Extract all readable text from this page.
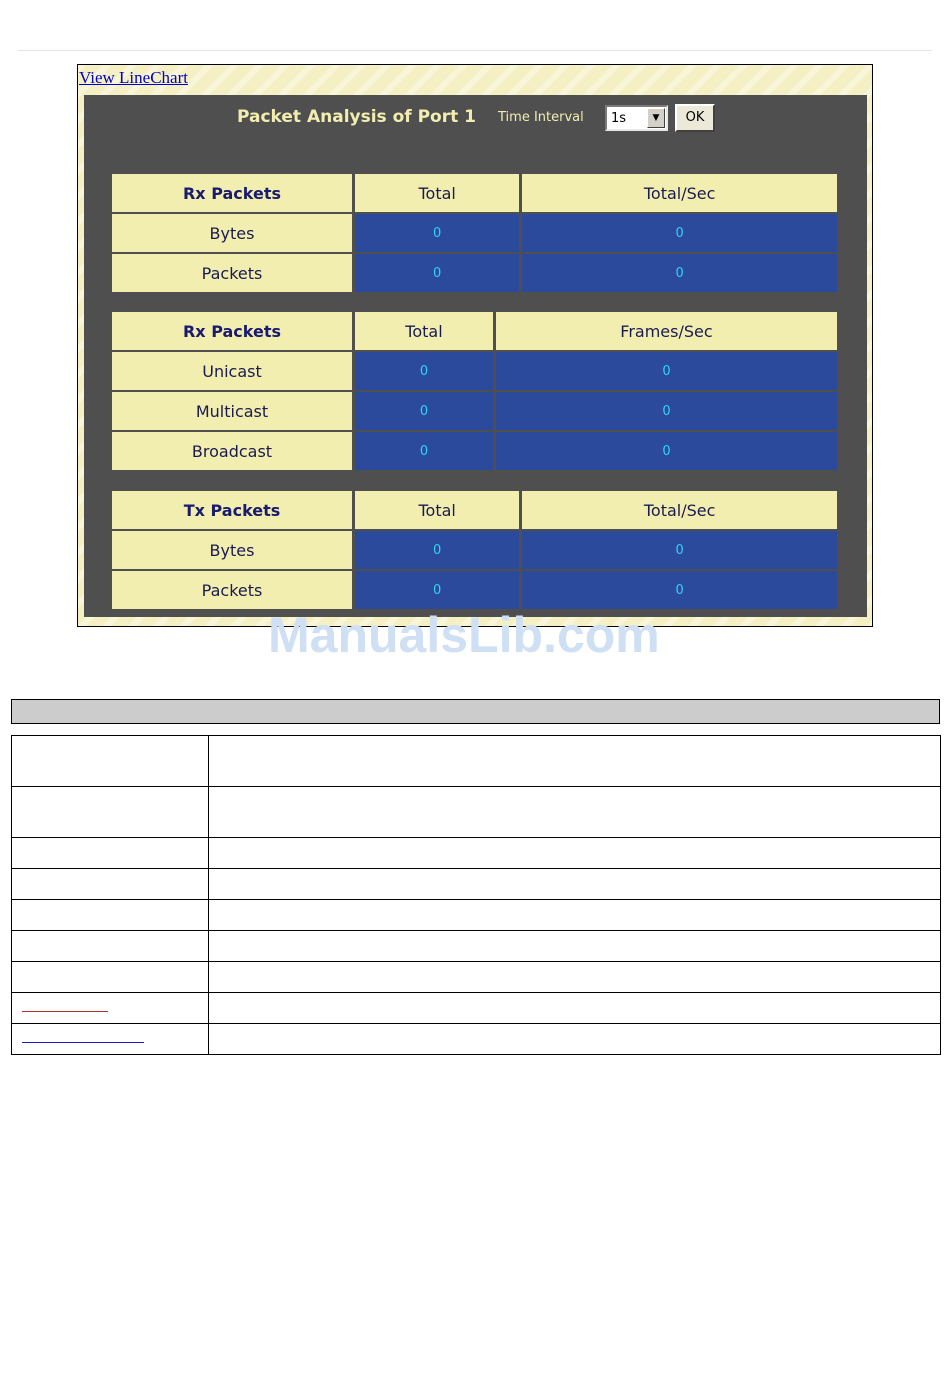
View LineChart
Packet Analysis of Port 1 Time Interval 1s	▼	OK
Rx Packets	Total	Total/Sec
Bytes	0	0
Packets	0	0
Rx Packets	Total	Frames/Sec
Unicast	0	0
Multicast	0	0
Broadcast	0	0
Tx Packets	Total	Total/Sec
Bytes	0	0
Packets	0	0
ManualsLib.com
